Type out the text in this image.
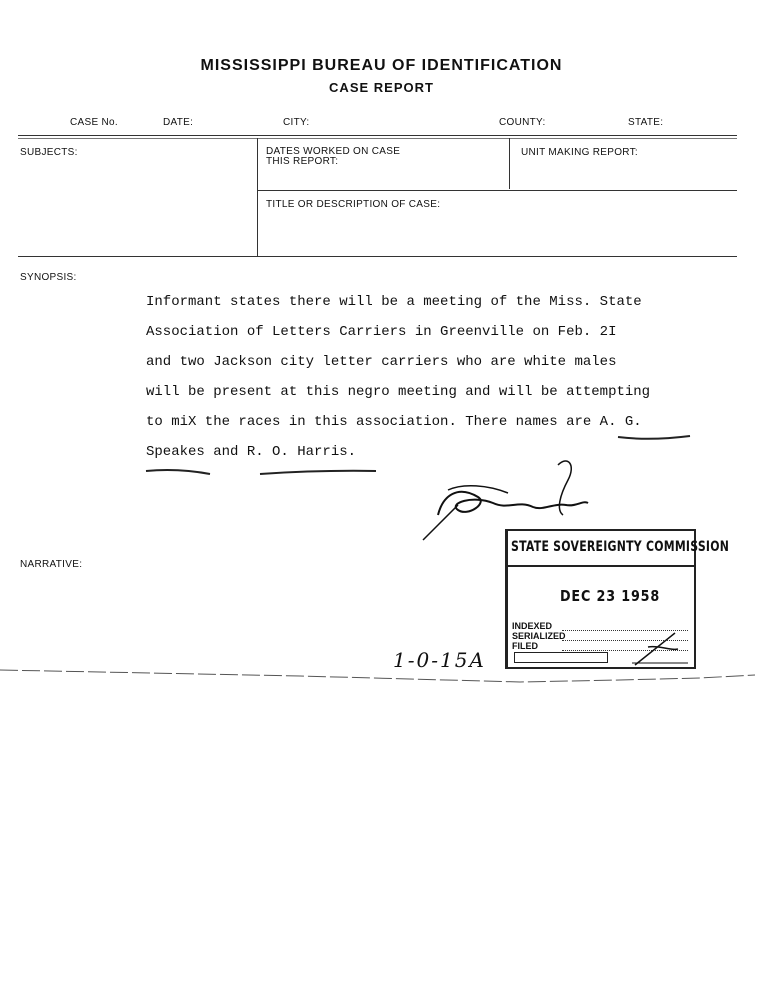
MISSISSIPPI BUREAU OF IDENTIFICATION
CASE REPORT
CASE No.	DATE:	CITY:	COUNTY:	STATE:
SUBJECTS:	DATES WORKED ON CASE
THIS REPORT:
UNIT MAKING REPORT:
TITLE OR DESCRIPTION OF CASE:
SYNOPSIS:
Informant states there will be a meeting of the Miss. State
Association of Letters Carriers in Greenville on Feb. 2I
and two Jackson city letter carriers who are white males
will be present at this negro meeting and will be attempting
to miX the races in this association. There names are A. G.
Speakes and R. O. Harris.
NARRATIVE:
STATE SOVEREIGNTY COMMISSION
DEC 23 1958
INDEXED
SERIALIZED
FILED
1-0-15A
